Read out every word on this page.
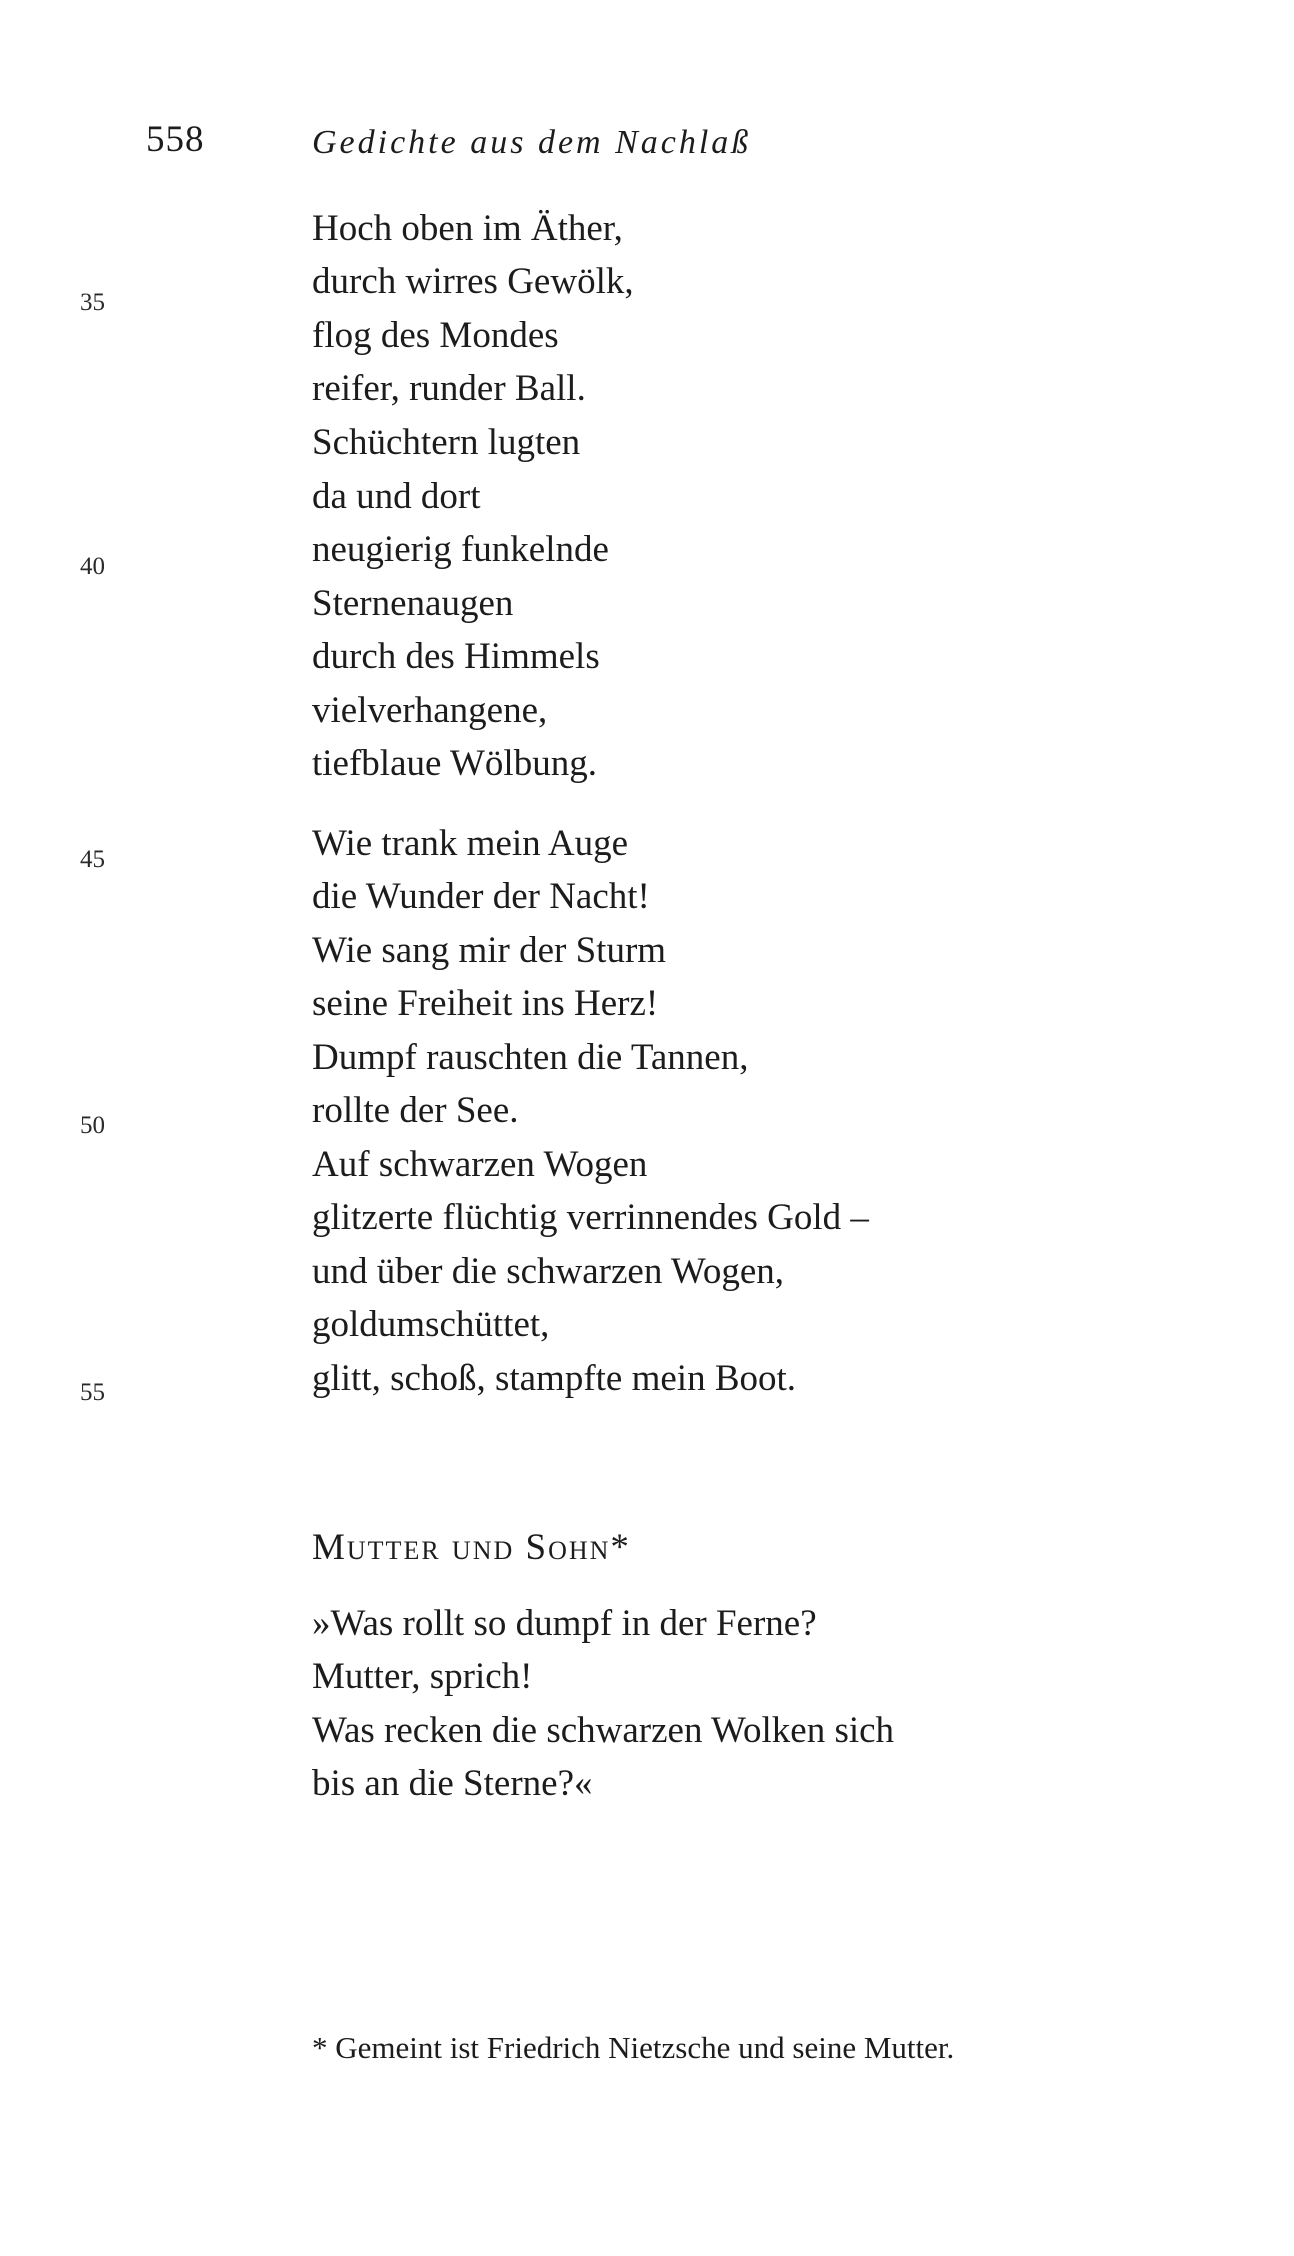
558	Gedichte aus dem Nachlaß
35
40
45
50
55
Hoch oben im Äther,
durch wirres Gewölk,
flog des Mondes
reifer, runder Ball.
Schüchtern lugten
da und dort
neugierig funkelnde
Sternenaugen
durch des Himmels
vielverhangene,
tiefblaue Wölbung.
Wie trank mein Auge
die Wunder der Nacht!
Wie sang mir der Sturm
seine Freiheit ins Herz!
Dumpf rauschten die Tannen,
rollte der See.
Auf schwarzen Wogen
glitzerte flüchtig verrinnendes Gold –
und über die schwarzen Wogen,
goldumschüttet,
glitt, schoß, stampfte mein Boot.
Mutter und Sohn*
»Was rollt so dumpf in der Ferne?
Mutter, sprich!
Was recken die schwarzen Wolken sich
bis an die Sterne?«
* Gemeint ist Friedrich Nietzsche und seine Mutter.
